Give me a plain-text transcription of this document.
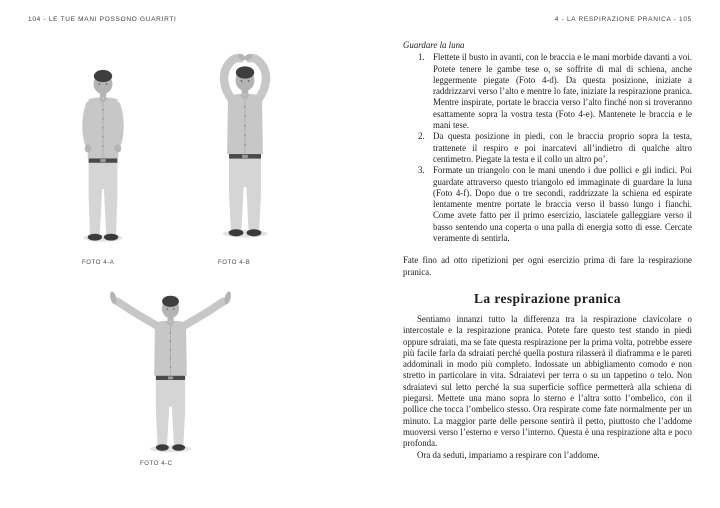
104 - LE TUE MANI POSSONO GUARIRTI
FOTO 4-A	FOTO 4-B
FOTO 4-C
4 - LA RESPIRAZIONE PRANICA - 105
Guardare la luna
1. Flettete il busto in avanti, con le braccia e le mani morbide davanti a voi. Potete tenere le gambe tese o, se soffrite di mal di schiena, anche leggermente piegate (Foto 4-d). Da questa posizione, iniziate a raddrizzarvi verso l’alto e mentre lo fate, iniziate la respirazione pranica. Mentre inspirate, portate le braccia verso l’alto finché non si troveranno esattamente sopra la vostra testa (Foto 4-e). Mantenete le braccia e le mani tese.
2. Da questa posizione in piedi, con le braccia proprio sopra la testa, trattenete il respiro e poi inarcatevi all’indietro di qualche altro centimetro. Piegate la testa e il collo un altro po’.
3. Formate un triangolo con le mani unendo i due pollici e gli indici. Poi guardate attraverso questo triangolo ed immaginate di guardare la luna (Foto 4-f). Dopo due o tre secondi, raddrizzate la schiena ed espirate lentamente mentre portate le braccia verso il basso lungo i fianchi. Come avete fatto per il primo esercizio, lasciatele galleggiare verso il basso sentendo una coperta o una palla di energia sotto di esse. Cercate veramente di sentirla.

Fate fino ad otto ripetizioni per ogni esercizio prima di fare la respirazione pranica.

La respirazione pranica

Sentiamo innanzi tutto la differenza tra la respirazione clavicolare o intercostale e la respirazione pranica. Potete fare questo test stando in piedi oppure sdraiati, ma se fate questa respirazione per la prima volta, potrebbe essere più facile farla da sdraiati perché quella postura rilasserà il diaframma e le pareti addominali in modo più completo. Indossate un abbigliamento comodo e non stretto in particolare in vita. Sdraiatevi per terra o su un tappetino o telo. Non sdraiatevi sul letto perché la sua superficie soffice permetterà alla schiena di piegarsi. Mettete una mano sopra lo sterno e l’altra sotto l’ombelico, con il pollice che tocca l’ombelico stesso. Ora respirate come fate normalmente per un minuto. La maggior parte delle persone sentirà il petto, piuttosto che l’addome muoversi verso l’esterno e verso l’interno. Questa è una respirazione alta e poco profonda.

Ora da seduti, impariamo a respirare con l’addome.
